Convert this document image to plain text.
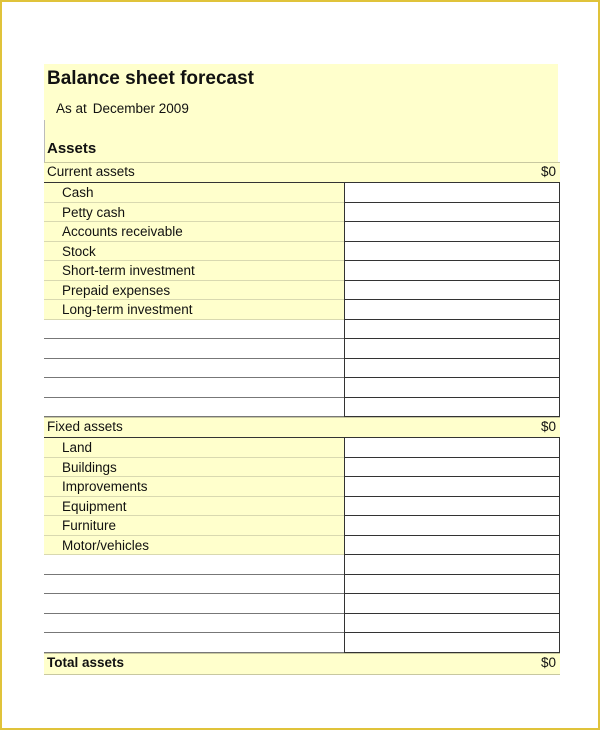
Balance sheet forecast
As at December 2009
Assets
Current assets	$0
Cash
Petty cash
Accounts receivable
Stock
Short-term investment
Prepaid expenses
Long-term investment
Fixed assets	$0
Land
Buildings
Improvements
Equipment
Furniture
Motor/vehicles
Total assets	$0
